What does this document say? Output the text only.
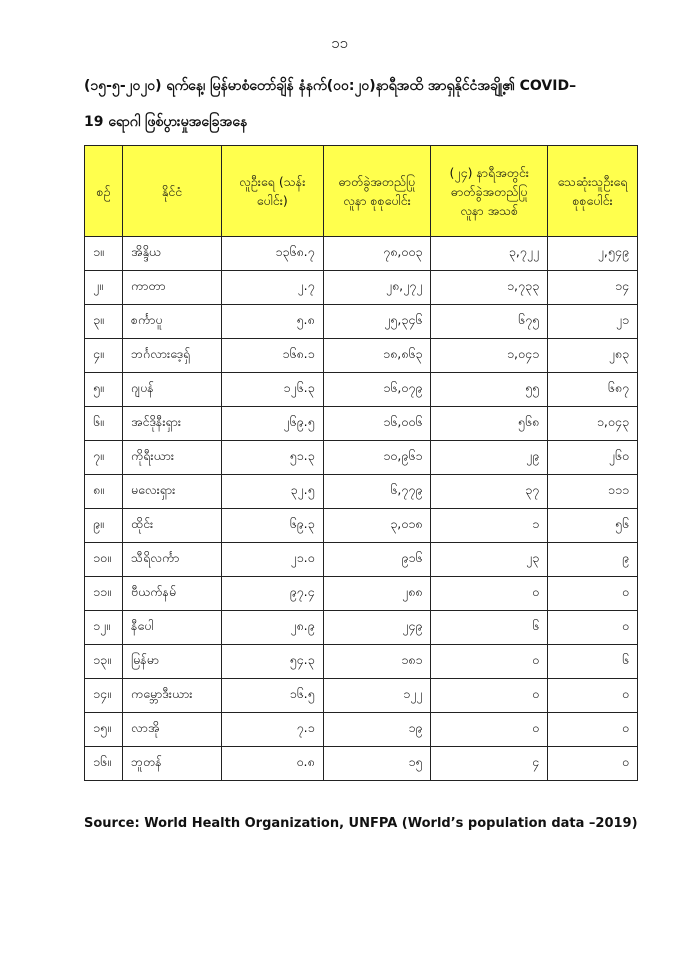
၁၁
(၁၅-၅-၂၀၂၀) ရက်နေ့၊ မြန်မာစံတော်ချိန် နံနက်(၀၀:၂၀)နာရီအထိ အာရှနိုင်ငံအချို့၏ COVID–
19 ရောဂါ ဖြစ်ပွားမှုအခြေအနေ
စဉ်	နိုင်ငံ	လူဦးရေ (သန်းပေါင်း)	ဓာတ်ခွဲအတည်ပြု လူနာ စုစုပေါင်း	(၂၄) နာရီအတွင်း ဓာတ်ခွဲအတည်ပြု လူနာ အသစ်	သေဆုံးသူဦးရေ စုစုပေါင်း
၁။	အိန္ဒိယ	၁၃၆၈.၇	၇၈,၀၀၃	၃,၇၂၂	၂,၅၄၉
၂။	ကာတာ	၂.၇	၂၈,၂၇၂	၁,၇၃၃	၁၄
၃။	စင်္ကာပူ	၅.၈	၂၅,၃၄၆	၆၇၅	၂၁
၄။	ဘင်္ဂလားဒေ့ရှ်	၁၆၈.၁	၁၈,၈၆၃	၁,၀၄၁	၂၈၃
၅။	ဂျပန်	၁၂၆.၃	၁၆,၀၇၉	၅၅	၆၈၇
၆။	အင်ဒိုနီးရှား	၂၆၉.၅	၁၆,၀၀၆	၅၆၈	၁,၀၄၃
၇။	ကိုရီးယား	၅၁.၃	၁၀,၉၆၁	၂၉	၂၆၀
၈။	မလေးရှား	၃၂.၅	၆,၇၇၉	၃၇	၁၁၁
၉။	ထိုင်း	၆၉.၃	၃,၀၁၈	၁	၅၆
၁၀။	သီရိလင်္ကာ	၂၁.၀	၉၁၆	၂၃	၉
၁၁။	ဗီယက်နမ်	၉၇.၄	၂၈၈	၀	၀
၁၂။	နီပေါ	၂၈.၉	၂၄၉	၆	၀
၁၃။	မြန်မာ	၅၄.၃	၁၈၁	၀	၆
၁၄။	ကမ္ဘောဒီးယား	၁၆.၅	၁၂၂	၀	၀
၁၅။	လာအို	၇.၁	၁၉	၀	၀
၁၆။	ဘူတန်	၀.၈	၁၅	၄	၀
Source: World Health Organization, UNFPA (World’s population data –2019)
